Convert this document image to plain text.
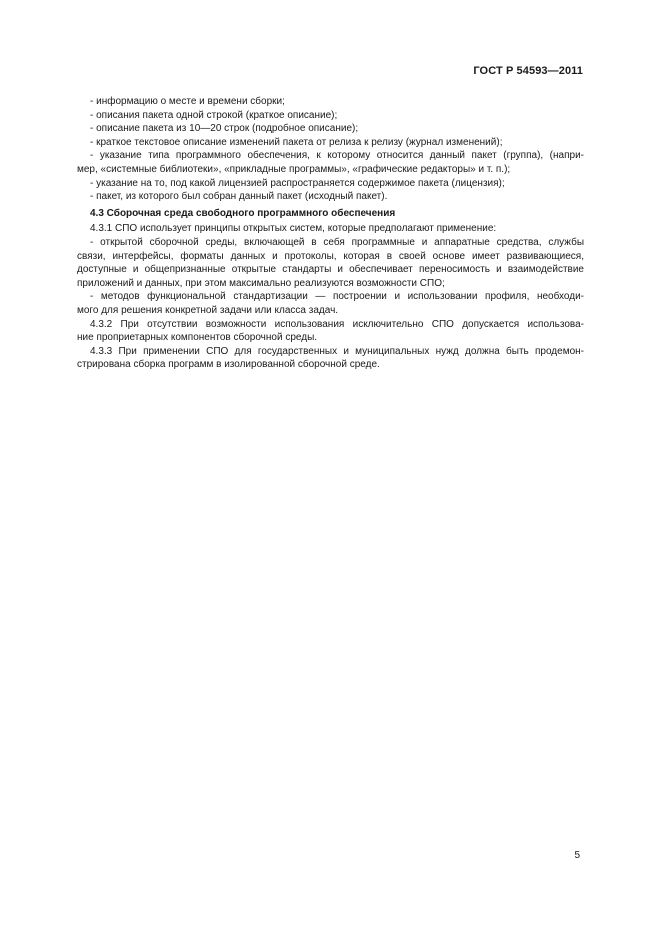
ГОСТ Р 54593—2011

- информацию о месте и времени сборки;

- описания пакета одной строкой (краткое описание);

- описание пакета из 10—20 строк (подробное описание);

- краткое текстовое описание изменений пакета от релиза к релизу (журнал изменений);

- указание типа программного обеспечения, к которому относится данный пакет (группа), (напри-

мер, «системные библиотеки», «прикладные программы», «графические редакторы» и т. п.);

- указание на то, под какой лицензией распространяется содержимое пакета (лицензия);

- пакет, из которого был собран данный пакет (исходный пакет).

4.3 Сборочная среда свободного программного обеспечения

4.3.1 СПО использует принципы открытых систем, которые предполагают применение:

- открытой сборочной среды, включающей в себя программные и аппаратные средства, службы

связи, интерфейсы, форматы данных и протоколы, которая в своей основе имеет развивающиеся,

доступные и общепризнанные открытые стандарты и обеспечивает переносимость и взаимодействие

приложений и данных, при этом максимально реализуются возможности СПО;

- методов функциональной стандартизации — построении и использовании профиля, необходи-

мого для решения конкретной задачи или класса задач.

4.3.2 При отсутствии возможности использования исключительно СПО допускается использова-

ние проприетарных компонентов сборочной среды.

4.3.3 При применении СПО для государственных и муниципальных нужд должна быть продемон-

стрирована сборка программ в изолированной сборочной среде.

5
